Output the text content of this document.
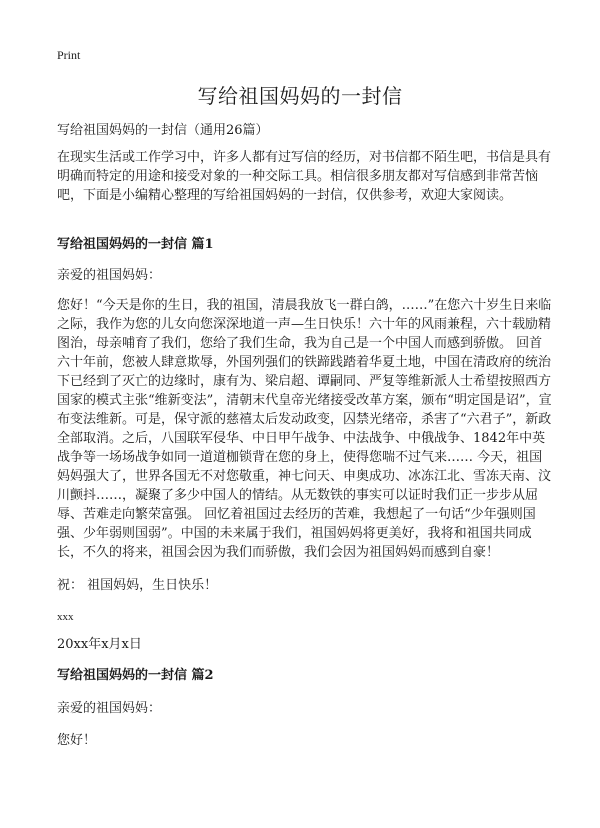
Print
写给祖国妈妈的一封信

写给祖国妈妈的一封信（通用26篇）

在现实生活或工作学习中，许多人都有过写信的经历，对书信都不陌生吧，书信是具有明确而特定的用途和接受对象的一种交际工具。相信很多朋友都对写信感到非常苦恼吧，下面是小编精心整理的写给祖国妈妈的一封信，仅供参考，欢迎大家阅读。

写给祖国妈妈的一封信 篇1

亲爱的祖国妈妈：

您好！“今天是你的生日，我的祖国，清晨我放飞一群白鸽，……”在您六十岁生日来临之际，我作为您的儿女向您深深地道一声—生日快乐！六十年的风雨兼程，六十载励精图治，母亲哺育了我们，您给了我们生命，我为自己是一个中国人而感到骄傲。 回首六十年前，您被人肆意欺辱，外国列强们的铁蹄践踏着华夏土地，中国在清政府的统治下已经到了灭亡的边缘时，康有为、梁启超、谭嗣同、严复等维新派人士希望按照西方国家的模式主张“维新变法”，清朝末代皇帝光绪接受改革方案，颁布“明定国是诏”，宣布变法维新。可是，保守派的慈禧太后发动政变，囚禁光绪帝，杀害了“六君子”，新政全部取消。之后，八国联军侵华、中日甲午战争、中法战争、中俄战争、1842年中英战争等一场场战争如同一道道枷锁背在您的身上，使得您喘不过气来…… 今天，祖国妈妈强大了，世界各国无不对您敬重，神七问天、申奥成功、冰冻江北、雪冻天南、汶川颤抖……，凝聚了多少中国人的情结。从无数铁的事实可以证时我们正一步步从屈辱、苦难走向繁荣富强。 回忆着祖国过去经历的苦难，我想起了一句话“少年强则国强、少年弱则国弱”。中国的未来属于我们，祖国妈妈将更美好，我将和祖国共同成长，不久的将来，祖国会因为我们而骄傲，我们会因为祖国妈妈而感到自豪！

祝： 祖国妈妈，生日快乐！

xxx

20xx年x月x日

写给祖国妈妈的一封信 篇2

亲爱的祖国妈妈：

您好！
